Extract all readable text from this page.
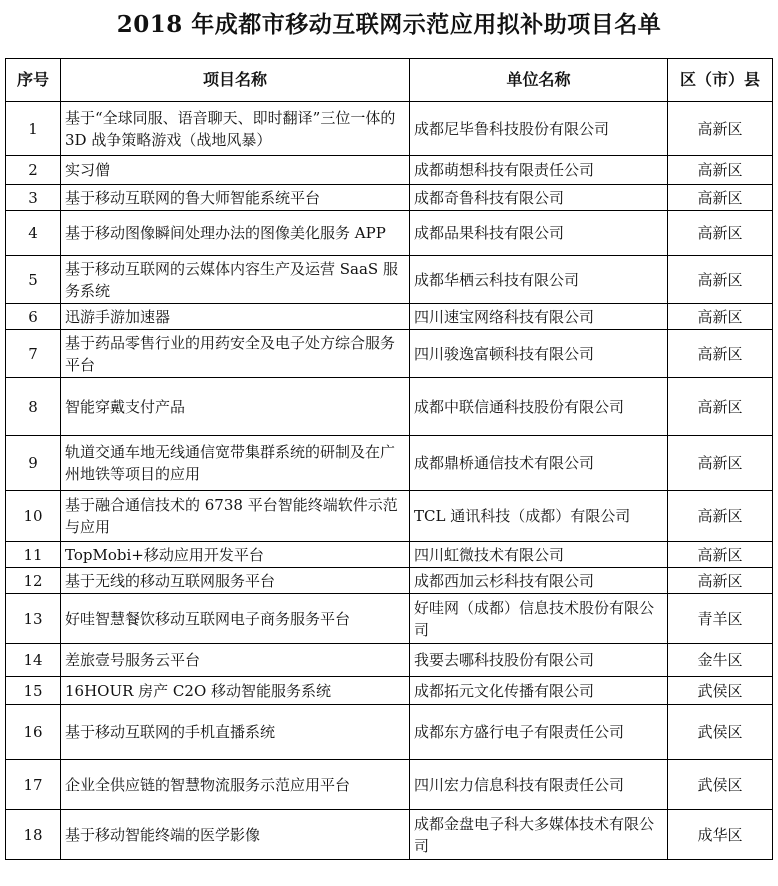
2018 年成都市移动互联网示范应用拟补助项目名单
序号	项目名称	单位名称	区（市）县
1	基于“全球同服、语音聊天、即时翻译”三位一体的 3D 战争策略游戏（战地风暴）	成都尼毕鲁科技股份有限公司	高新区
2	实习僧	成都萌想科技有限责任公司	高新区
3	基于移动互联网的鲁大师智能系统平台	成都奇鲁科技有限公司	高新区
4	基于移动图像瞬间处理办法的图像美化服务 APP	成都品果科技有限公司	高新区
5	基于移动互联网的云媒体内容生产及运营 SaaS 服务系统	成都华栖云科技有限公司	高新区
6	迅游手游加速器	四川速宝网络科技有限公司	高新区
7	基于药品零售行业的用药安全及电子处方综合服务平台	四川骏逸富顿科技有限公司	高新区
8	智能穿戴支付产品	成都中联信通科技股份有限公司	高新区
9	轨道交通车地无线通信宽带集群系统的研制及在广州地铁等项目的应用	成都鼎桥通信技术有限公司	高新区
10	基于融合通信技术的 6738 平台智能终端软件示范与应用	TCL 通讯科技（成都）有限公司	高新区
11	TopMobi+移动应用开发平台	四川虹微技术有限公司	高新区
12	基于无线的移动互联网服务平台	成都西加云杉科技有限公司	高新区
13	好哇智慧餐饮移动互联网电子商务服务平台	好哇网（成都）信息技术股份有限公司	青羊区
14	差旅壹号服务云平台	我要去哪科技股份有限公司	金牛区
15	16HOUR 房产 C2O 移动智能服务系统	成都拓元文化传播有限公司	武侯区
16	基于移动互联网的手机直播系统	成都东方盛行电子有限责任公司	武侯区
17	企业全供应链的智慧物流服务示范应用平台	四川宏力信息科技有限责任公司	武侯区
18	基于移动智能终端的医学影像	成都金盘电子科大多媒体技术有限公司	成华区
